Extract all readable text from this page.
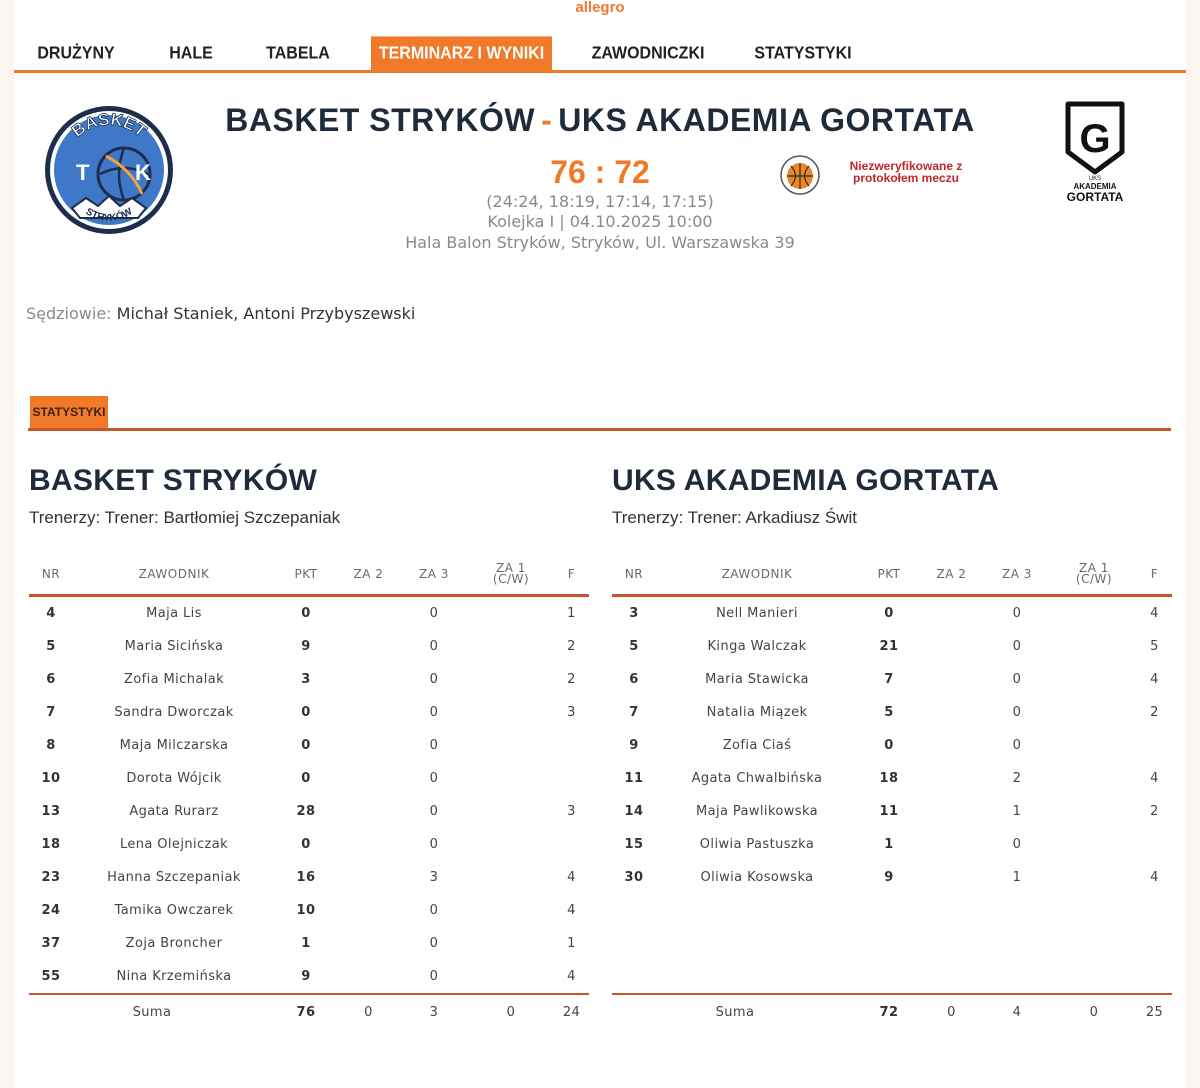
allegro
DRUŻYNY	HALE	TABELA	TERMINARZ I WYNIKI	ZAWODNICZKI	STATYSTYKI
BASKET
T K
STRYKÓW
BASKET STRYKÓW - UKS AKADEMIA GORTATA
76 : 72	Niezweryfikowane z
protokołem meczu
(24:24, 18:19, 17:14, 17:15)
Kolejka I | 04.10.2025 10:00
Hala Balon Stryków, Stryków, Ul. Warszawska 39
G
UKS
AKADEMIA
GORTATA
Sędziowie: Michał Staniek, Antoni Przybyszewski
STATYSTYKI
BASKET STRYKÓW
Trenerzy: Trener: Bartłomiej Szczepaniak
NR	ZAWODNIK	PKT	ZA 2	ZA 3	ZA 1
(C/W)	F
4	Maja Lis	0		0		1
5	Maria Sicińska	9		0		2
6	Zofia Michalak	3		0		2
7	Sandra Dworczak	0		0		3
8	Maja Milczarska	0		0		
10	Dorota Wójcik	0		0		
13	Agata Rurarz	28		0		3
18	Lena Olejniczak	0		0		
23	Hanna Szczepaniak	16		3		4
24	Tamika Owczarek	10		0		4
37	Zoja Broncher	1		0		1
55	Nina Krzemińska	9		0		4
Suma		76	0	3	0	24
UKS AKADEMIA GORTATA
Trenerzy: Trener: Arkadiusz Świt
NR	ZAWODNIK	PKT	ZA 2	ZA 3	ZA 1
(C/W)	F
3	Nell Manieri	0		0		4
5	Kinga Walczak	21		0		5
6	Maria Stawicka	7		0		4
7	Natalia Miązek	5		0		2
9	Zofia Ciaś	0		0		
11	Agata Chwalbińska	18		2		4
14	Maja Pawlikowska	11		1		2
15	Oliwia Pastuszka	1		0		
30	Oliwia Kosowska	9		1		4

Suma		72	0	4	0	25
